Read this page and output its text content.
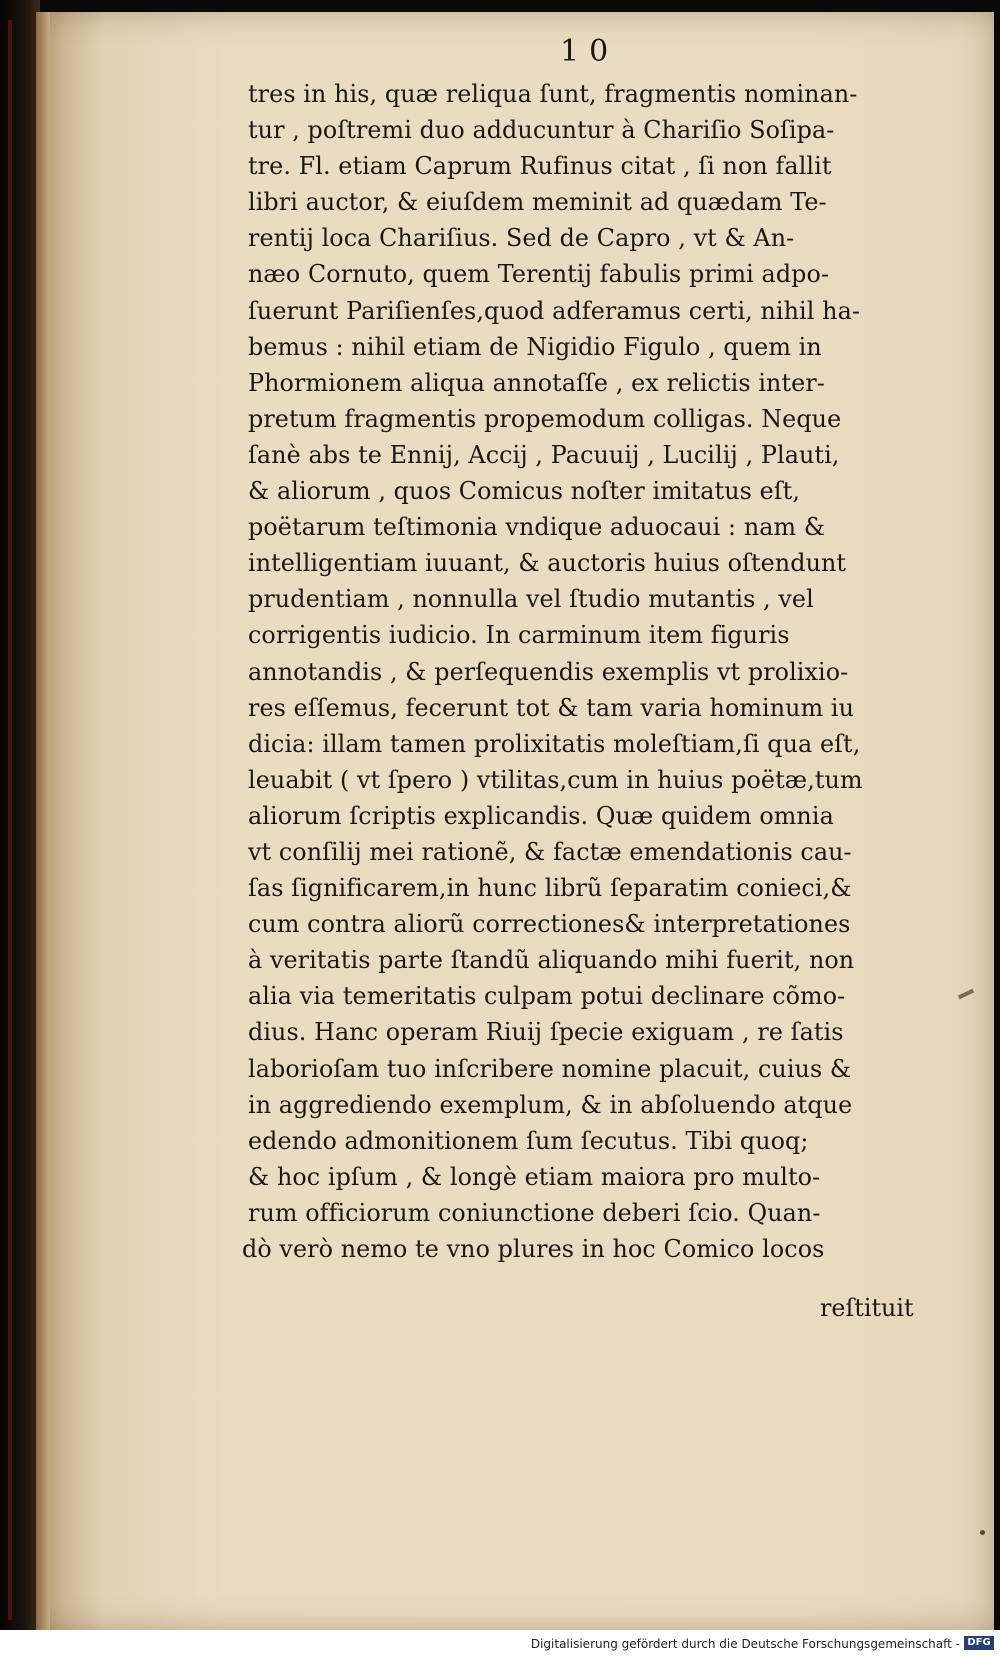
10
tres in his, quæ reliqua ſunt, fragmentis nominan-
tur , poſtremi duo adducuntur à Chariſio Soſipa-
tre. Fl. etiam Caprum Rufinus citat , ſi non fallit
libri auctor, & eiuſdem meminit ad quædam Te-
rentij loca Chariſius. Sed de Capro , vt & An-
næo Cornuto, quem Terentij fabulis primi adpo-
ſuerunt Pariſienſes,quod adferamus certi, nihil ha-
bemus : nihil etiam de Nigidio Figulo , quem in
Phormionem aliqua annotaſſe , ex relictis inter-
pretum fragmentis propemodum colligas. Neque
ſanè abs te Ennij, Accij , Pacuuij , Lucilij , Plauti,
& aliorum , quos Comicus noſter imitatus eſt,
poëtarum teſtimonia vndique aduocaui : nam &
intelligentiam iuuant, & auctoris huius oſtendunt
prudentiam , nonnulla vel ſtudio mutantis , vel
corrigentis iudicio. In carminum item figuris
annotandis , & perſequendis exemplis vt prolixio-
res eſſemus, fecerunt tot & tam varia hominum iu
dicia: illam tamen prolixitatis moleſtiam,ſi qua eſt,
leuabit ( vt ſpero ) vtilitas,cum in huius poëtæ,tum
aliorum ſcriptis explicandis. Quæ quidem omnia
vt conſilij mei rationẽ, & factæ emendationis cau-
ſas ſignificarem,in hunc librũ ſeparatim conieci,&
cum contra aliorũ correctiones& interpretationes
à veritatis parte ſtandũ aliquando mihi fuerit, non
alia via temeritatis culpam potui declinare cõmo-
dius. Hanc operam Riuij ſpecie exiguam , re ſatis
laborioſam tuo inſcribere nomine placuit, cuius &
in aggrediendo exemplum, & in abſoluendo atque
edendo admonitionem ſum ſecutus. Tibi quoq;
& hoc ipſum , & longè etiam maiora pro multo-
rum officiorum coniunctione deberi ſcio. Quan-
dò verò nemo te vno plures in hoc Comico locos
reſtituit
Digitalisierung gefördert durch die Deutsche Forschungsgemeinschaft - DFG
